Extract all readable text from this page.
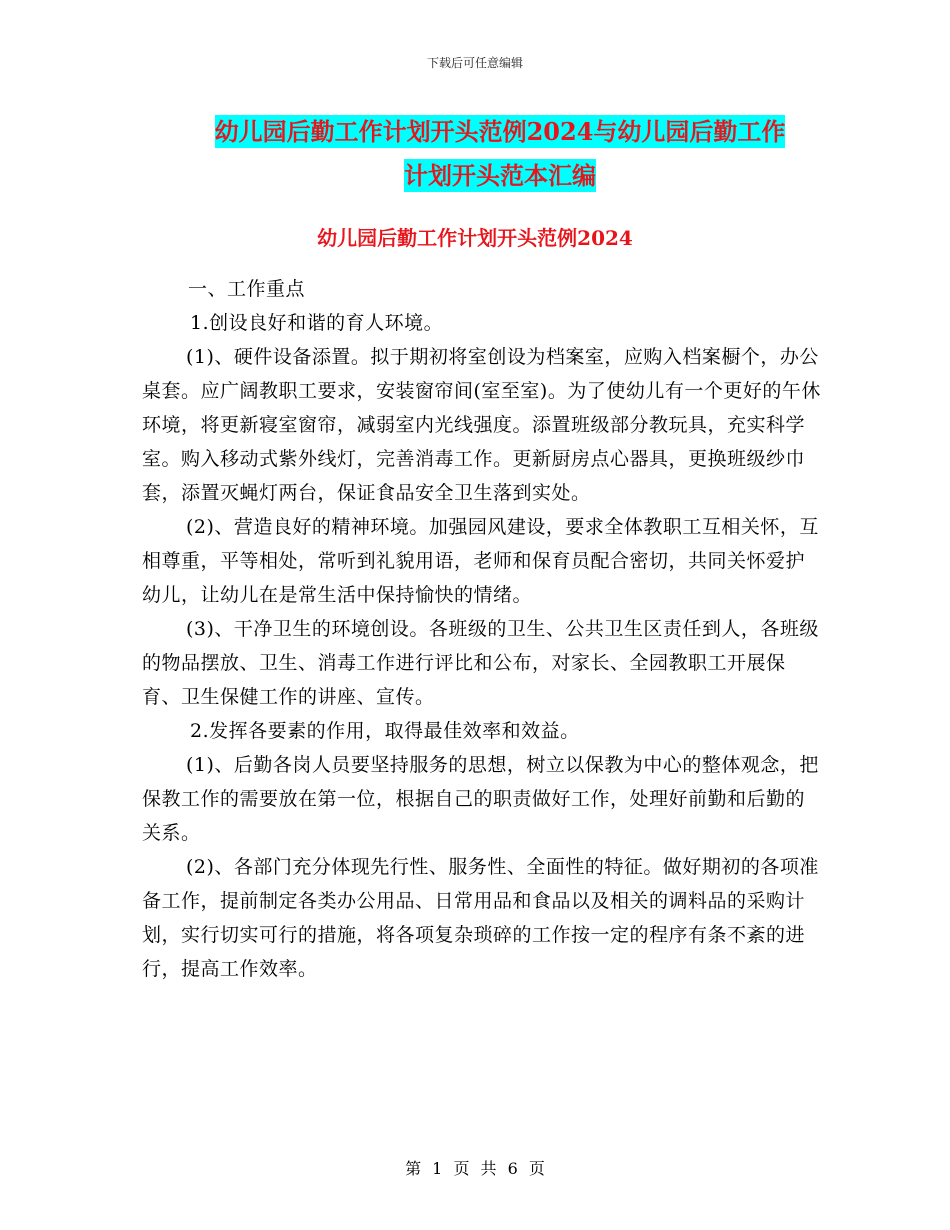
下载后可任意编辑
幼儿园后勤工作计划开头范例2024与幼儿园后勤工作
计划开头范本汇编
幼儿园后勤工作计划开头范例2024

一、工作重点

1.创设良好和谐的育人环境。

(1)、硬件设备添置。拟于期初将室创设为档案室，应购入档案橱个，办公桌套。应广阔教职工要求，安装窗帘间(室至室)。为了使幼儿有一个更好的午休环境，将更新寝室窗帘，减弱室内光线强度。添置班级部分教玩具，充实科学室。购入移动式紫外线灯，完善消毒工作。更新厨房点心器具，更换班级纱巾套，添置灭蝇灯两台，保证食品安全卫生落到实处。

(2)、营造良好的精神环境。加强园风建设，要求全体教职工互相关怀，互相尊重，平等相处，常听到礼貌用语，老师和保育员配合密切，共同关怀爱护幼儿，让幼儿在是常生活中保持愉快的情绪。

(3)、干净卫生的环境创设。各班级的卫生、公共卫生区责任到人，各班级的物品摆放、卫生、消毒工作进行评比和公布，对家长、全园教职工开展保育、卫生保健工作的讲座、宣传。

2.发挥各要素的作用，取得最佳效率和效益。

(1)、后勤各岗人员要坚持服务的思想，树立以保教为中心的整体观念，把保教工作的需要放在第一位，根据自己的职责做好工作，处理好前勤和后勤的关系。

(2)、各部门充分体现先行性、服务性、全面性的特征。做好期初的各项准备工作，提前制定各类办公用品、日常用品和食品以及相关的调料品的采购计划，实行切实可行的措施，将各项复杂琐碎的工作按一定的程序有条不紊的进行，提高工作效率。

第 1 页 共 6 页
